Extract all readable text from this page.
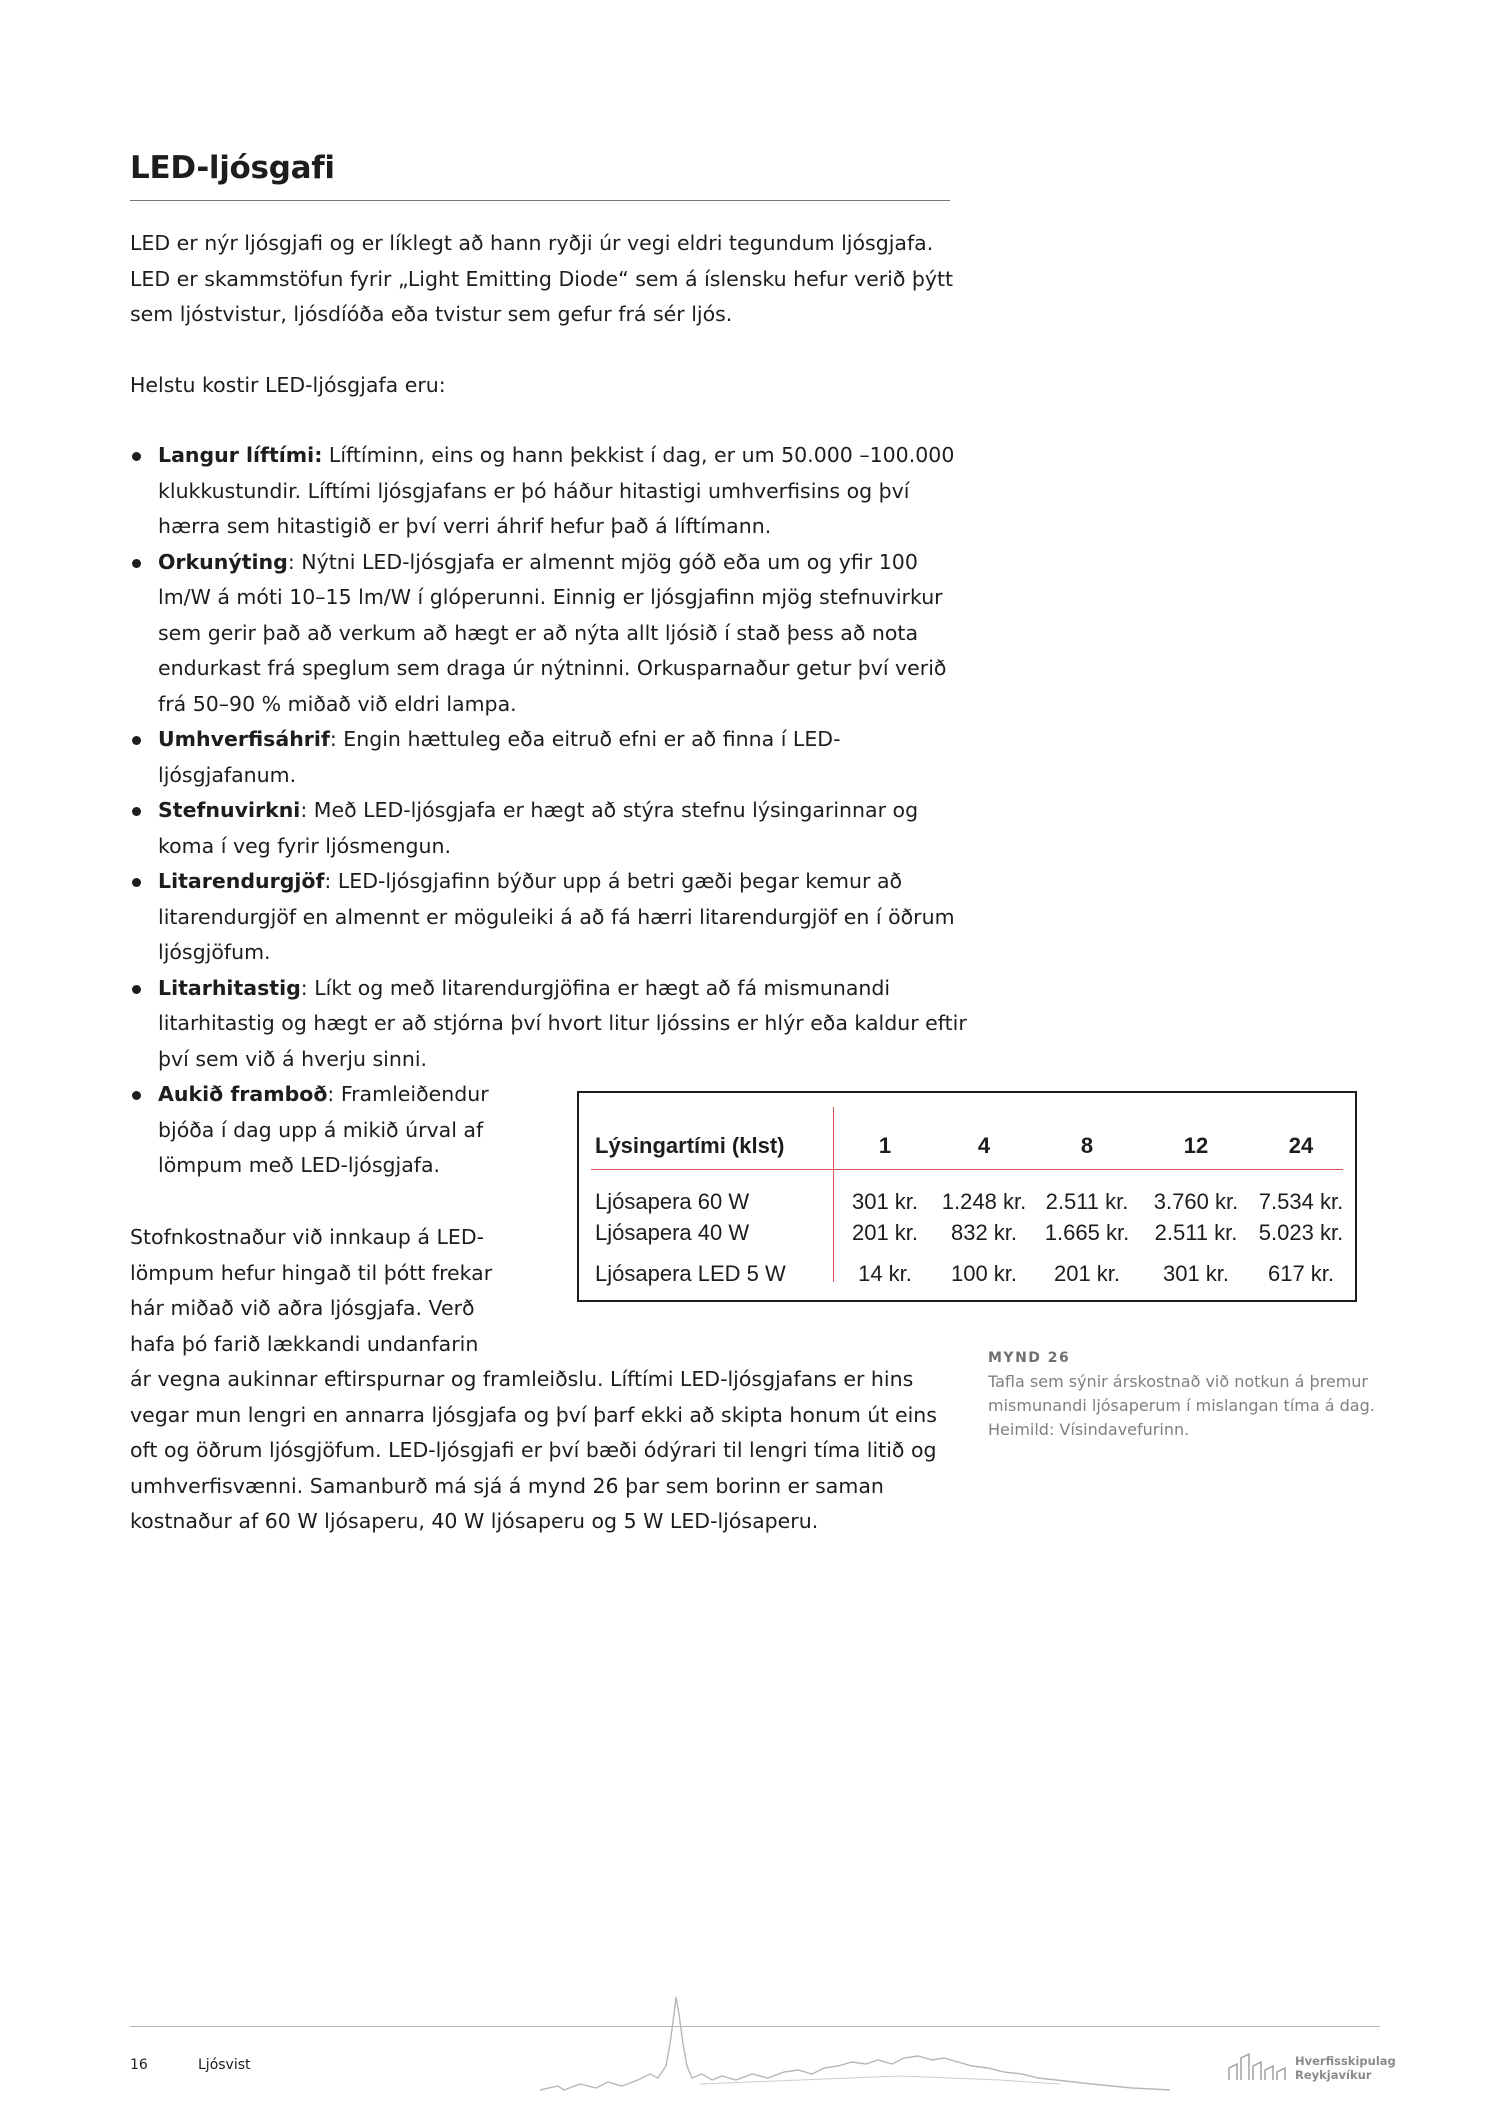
LED-ljósgafi

LED er nýr ljósgjafi og er líklegt að hann ryðji úr vegi eldri tegundum ljósgjafa. LED er skammstöfun fyrir „Light Emitting Diode“ sem á íslensku hefur verið þýtt sem ljóstvistur, ljósdíóða eða tvistur sem gefur frá sér ljós.

Helstu kostir LED-ljósgjafa eru:

Langur líftími: Líftíminn, eins og hann þekkist í dag, er um 50.000 –100.000 klukkustundir. Líftími ljósgjafans er þó háður hitastigi umhverfisins og því hærra sem hitastigið er því verri áhrif hefur það á líftímann.
Orkunýting: Nýtni LED-ljósgjafa er almennt mjög góð eða um og yfir 100 lm/W á móti 10–15 lm/W í glóperunni. Einnig er ljósgjafinn mjög stefnuvirkur sem gerir það að verkum að hægt er að nýta allt ljósið í stað þess að nota endurkast frá speglum sem draga úr nýtninni. Orkusparnaður getur því verið frá 50–90 % miðað við eldri lampa.
Umhverfisáhrif: Engin hættuleg eða eitruð efni er að finna í LED-ljósgjafanum.
Stefnuvirkni: Með LED-ljósgjafa er hægt að stýra stefnu lýsingarinnar og koma í veg fyrir ljósmengun.
Litarendurgjöf: LED-ljósgjafinn býður upp á betri gæði þegar kemur að litarendurgjöf en almennt er möguleiki á að fá hærri litarendurgjöf en í öðrum ljósgjöfum.
Litarhitastig: Líkt og með litarendurgjöfina er hægt að fá mismunandi litarhitastig og hægt er að stjórna því hvort litur ljóssins er hlýr eða kaldur eftir því sem við á hverju sinni.
Aukið framboð: Framleiðendur bjóða í dag upp á mikið úrval af lömpum með LED-ljósgjafa.

Stofnkostnaður við innkaup á LED-lömpum hefur hingað til þótt frekar hár miðað við aðra ljósgjafa. Verð hafa þó farið lækkandi undanfarin

ár vegna aukinnar eftirspurnar og framleiðslu. Líftími LED-ljósgjafans er hins vegar mun lengri en annarra ljósgjafa og því þarf ekki að skipta honum út eins oft og öðrum ljósgjöfum. LED-ljósgjafi er því bæði ódýrari til lengri tíma litið og umhverfisvænni. Samanburð má sjá á mynd 26 þar sem borinn er saman kostnaður af 60 W ljósaperu, 40 W ljósaperu og 5 W LED-ljósaperu.

Lýsingartími (klst)	1	4	8	12	24
Ljósapera 60 W	301 kr.	1.248 kr. 2.511 kr.	3.760 kr. 7.534 kr.
Ljósapera 40 W	201 kr.	832 kr.	1.665 kr.	2.511 kr. 5.023 kr.
Ljósapera LED 5 W	14 kr.	100 kr.	201 kr.	301 kr.	617 kr.
MYND 26
Tafla sem sýnir árskostnað við notkun á þremur mismunandi ljósaperum í mislangan tíma á dag. Heimild: Vísindavefurinn.
16	Ljósvist	Hverfisskipulag
Reykjavíkur
